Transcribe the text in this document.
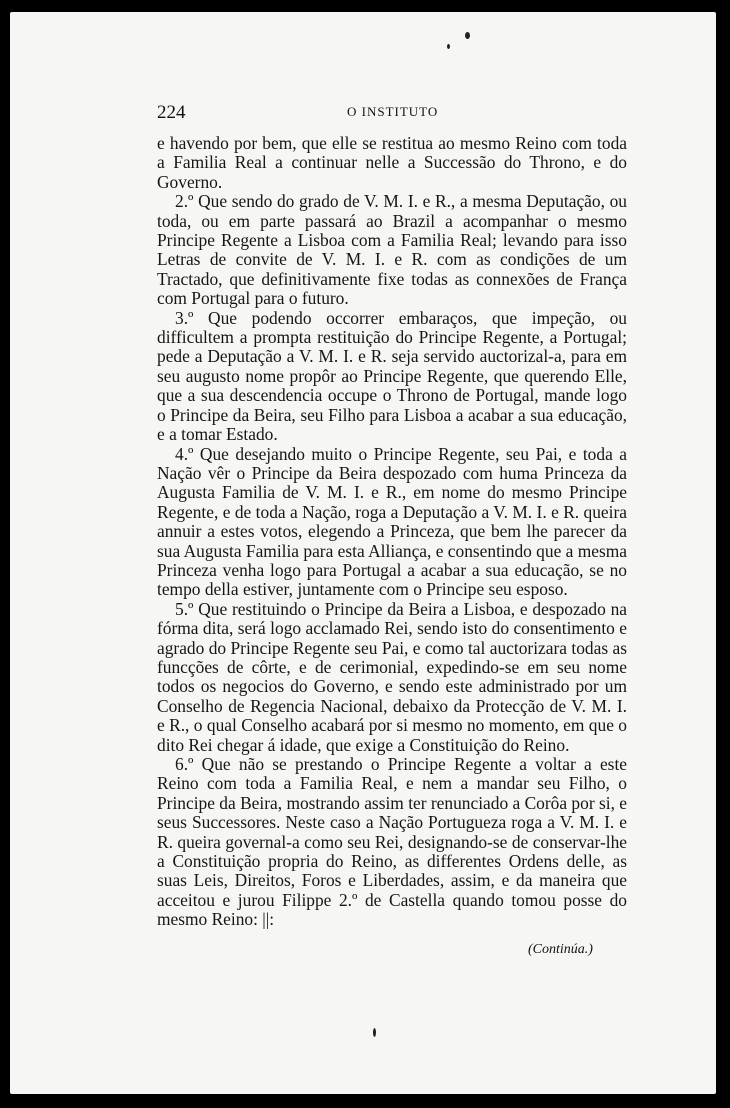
224	O INSTITUTO

e havendo por bem, que elle se restitua ao mesmo Reino com toda a Familia Real a continuar nelle a Successão do Throno, e do Governo.

2.º Que sendo do grado de V. M. I. e R., a mesma Deputação, ou toda, ou em parte passará ao Brazil a acompanhar o mesmo Principe Regente a Lisboa com a Familia Real; levando para isso Letras de convite de V. M. I. e R. com as condições de um Tractado, que definitivamente fixe todas as connexões de França com Portugal para o futuro.

3.º Que podendo occorrer embaraços, que impeção, ou difficultem a prompta restituição do Principe Regente, a Portugal; pede a Deputação a V. M. I. e R. seja servido auctorizal-a, para em seu augusto nome propôr ao Principe Regente, que querendo Elle, que a sua descendencia occupe o Throno de Portugal, mande logo o Principe da Beira, seu Filho para Lisboa a acabar a sua educação, e a tomar Estado.

4.º Que desejando muito o Principe Regente, seu Pai, e toda a Nação vêr o Principe da Beira despozado com huma Princeza da Augusta Familia de V. M. I. e R., em nome do mesmo Principe Regente, e de toda a Nação, roga a Deputação a V. M. I. e R. queira annuir a estes votos, elegendo a Princeza, que bem lhe parecer da sua Augusta Familia para esta Alliança, e consentindo que a mesma Princeza venha logo para Portugal a acabar a sua educação, se no tempo della estiver, juntamente com o Principe seu esposo.

5.º Que restituindo o Principe da Beira a Lisboa, e despozado na fórma dita, será logo acclamado Rei, sendo isto do consentimento e agrado do Principe Regente seu Pai, e como tal auctorizara todas as funcções de côrte, e de cerimonial, expedindo-se em seu nome todos os negocios do Governo, e sendo este administrado por um Conselho de Regencia Nacional, debaixo da Protecção de V. M. I. e R., o qual Conselho acabará por si mesmo no momento, em que o dito Rei chegar á idade, que exige a Constituição do Reino.

6.º Que não se prestando o Principe Regente a voltar a este Reino com toda a Familia Real, e nem a mandar seu Filho, o Principe da Beira, mostrando assim ter renunciado a Corôa por si, e seus Successores. Neste caso a Nação Portugueza roga a V. M. I. e R. queira governal-a como seu Rei, designando-se de conservar-lhe a Constituição propria do Reino, as differentes Ordens delle, as suas Leis, Direitos, Foros e Liberdades, assim, e da maneira que acceitou e jurou Filippe 2.º de Castella quando tomou posse do mesmo Reino: ||:

(Continúa.)
